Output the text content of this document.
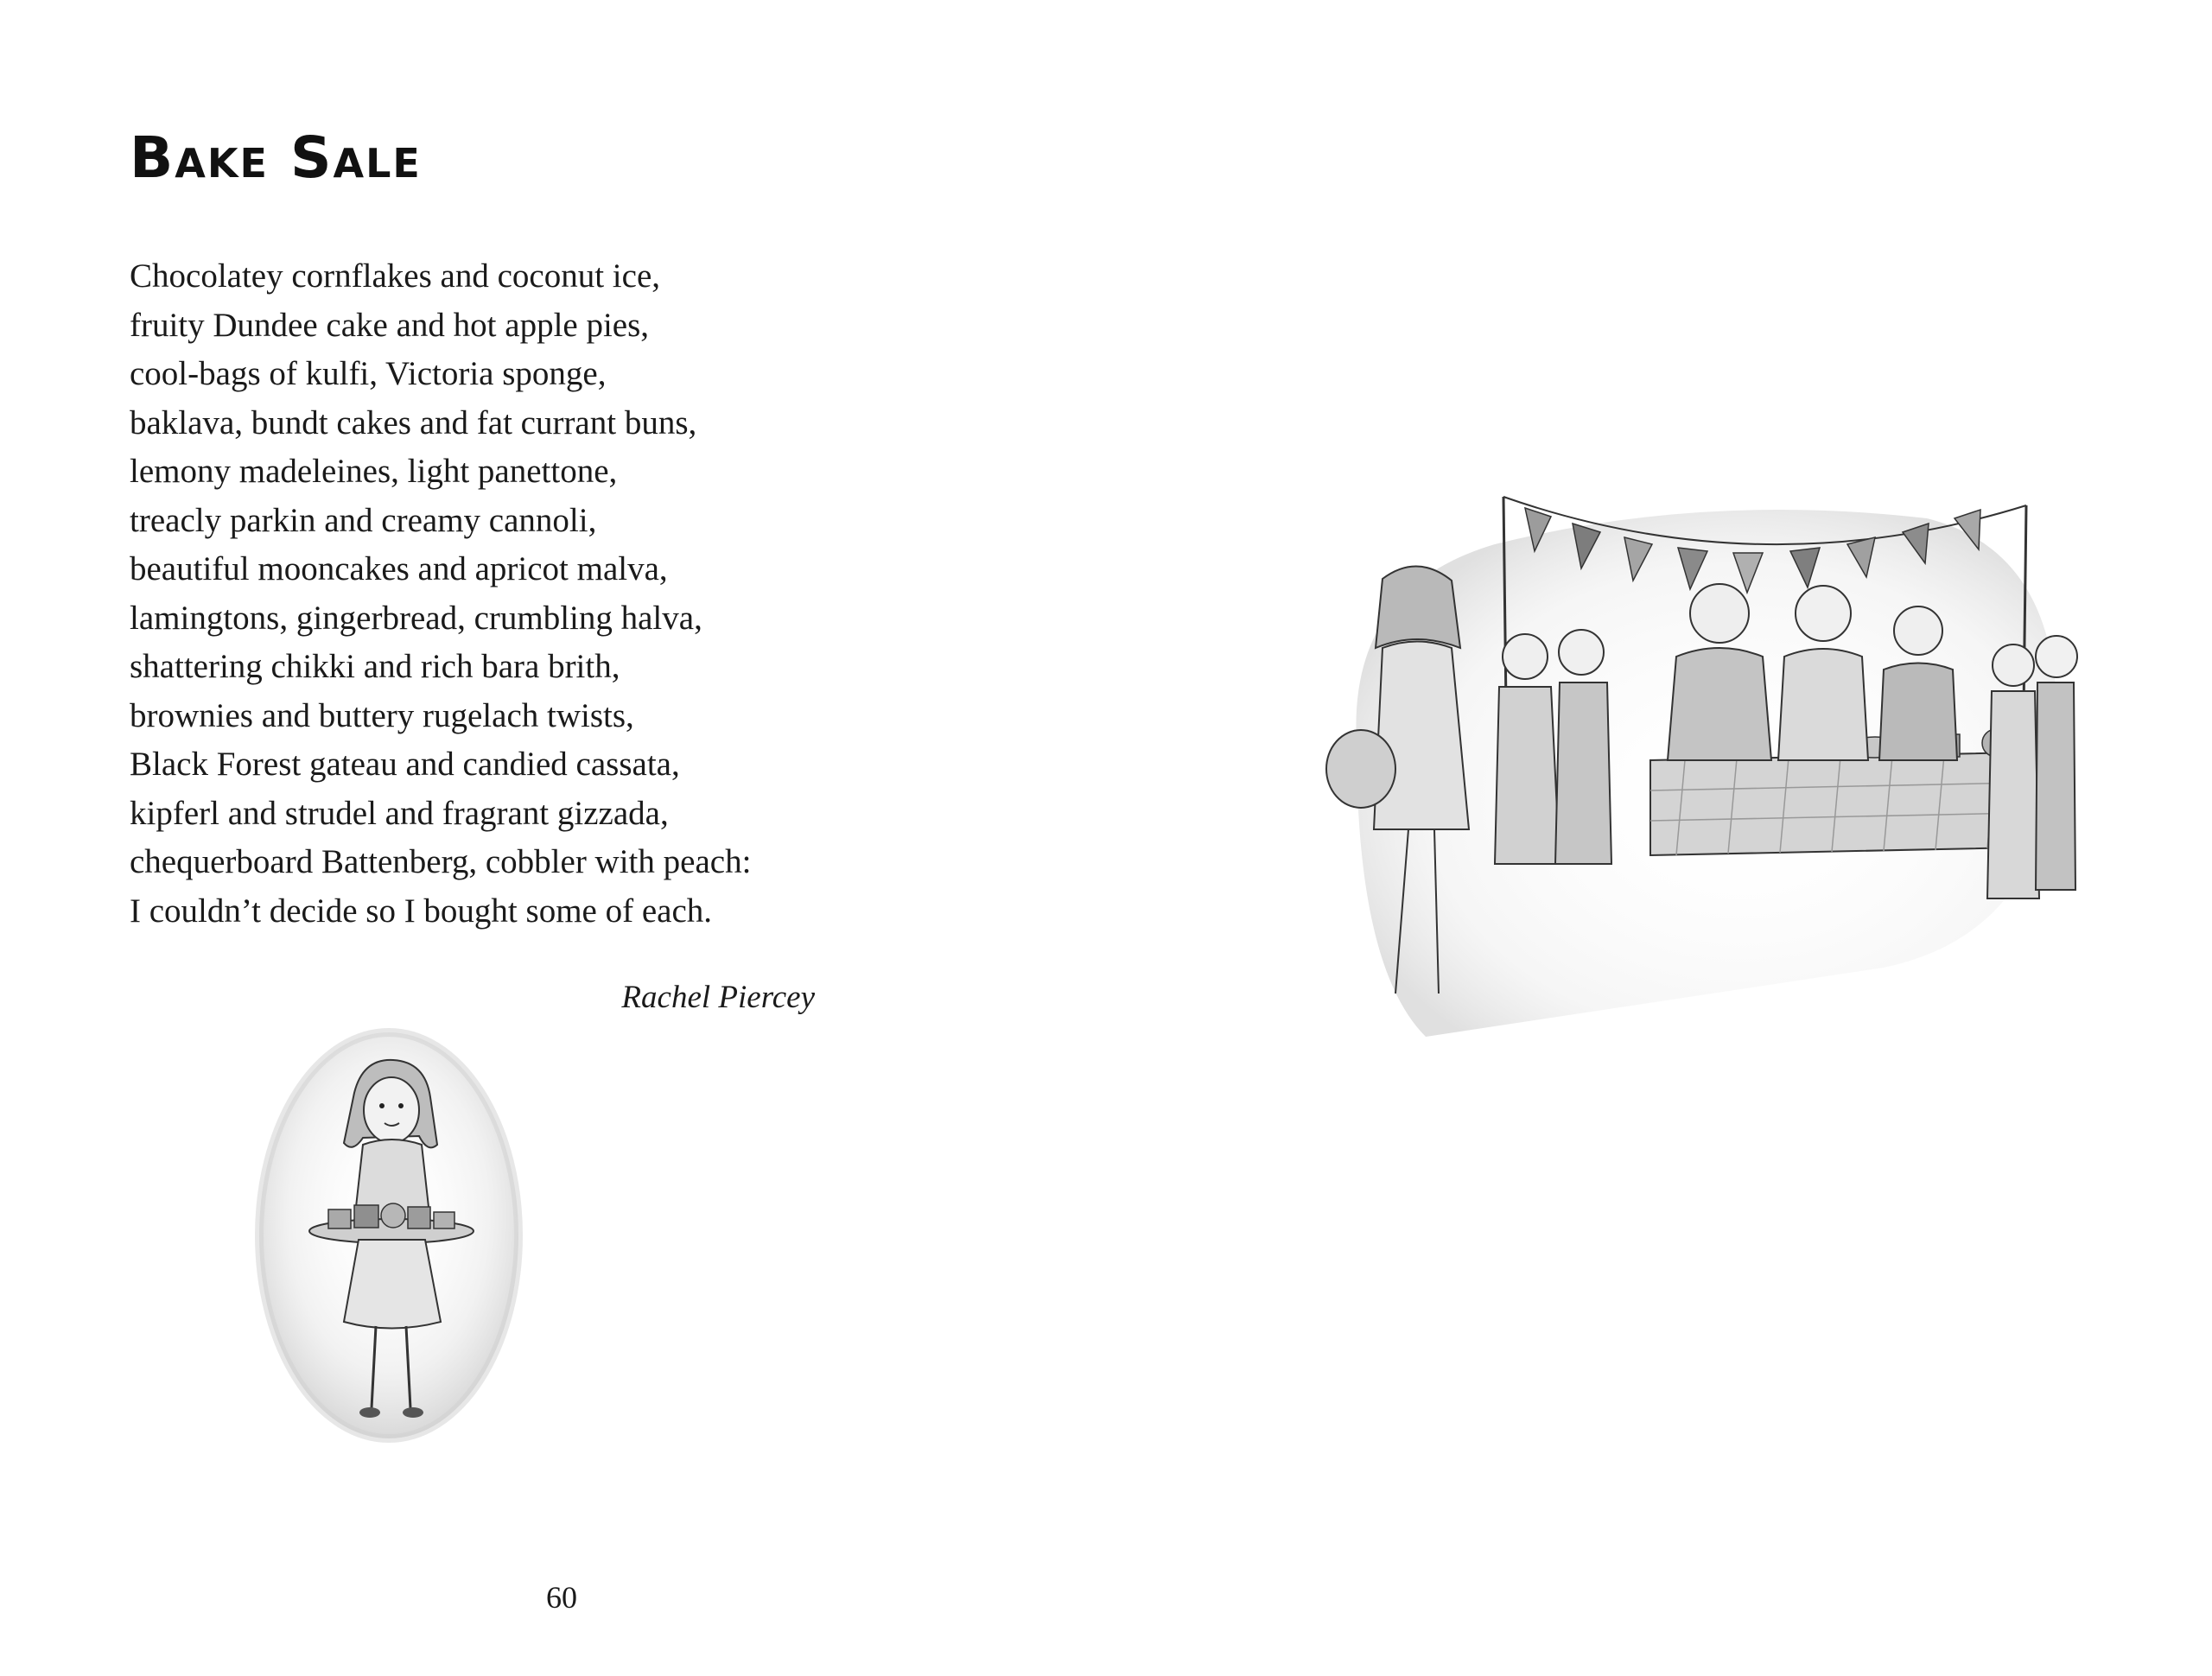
Bake Sale
Chocolatey cornflakes and coconut ice,
fruity Dundee cake and hot apple pies,
cool-bags of kulfi, Victoria sponge,
baklava, bundt cakes and fat currant buns,
lemony madeleines, light panettone,
treacly parkin and creamy cannoli,
beautiful mooncakes and apricot malva,
lamingtons, gingerbread, crumbling halva,
shattering chikki and rich bara brith,
brownies and buttery rugelach twists,
Black Forest gateau and candied cassata,
kipferl and strudel and fragrant gizzada,
chequerboard Battenberg, cobbler with peach:
I couldn’t decide so I bought some of each.

Rachel Piercey

60
